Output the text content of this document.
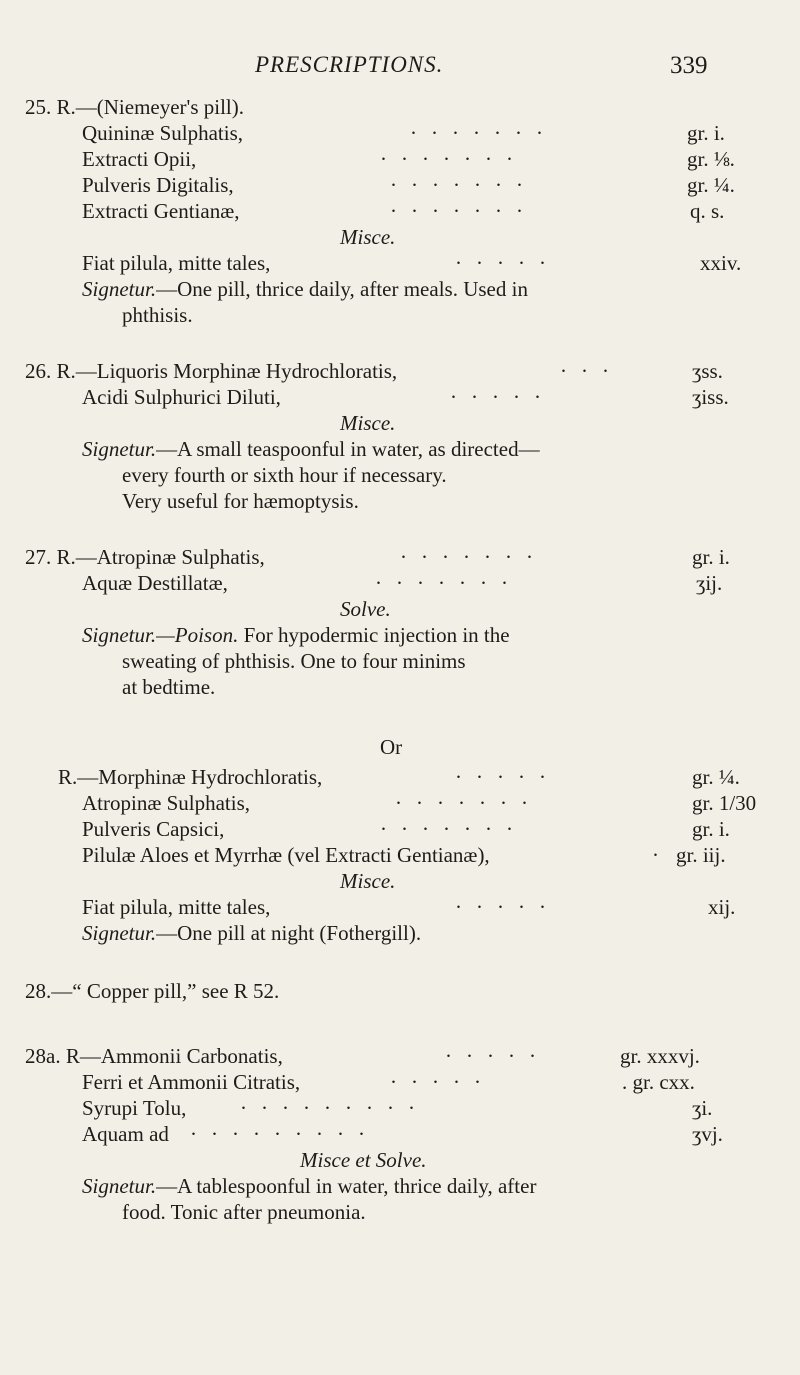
PRESCRIPTIONS.	339
25. R.—(Niemeyer's pill).
Quininæ Sulphatis,	·······	gr. i.
Extracti Opii,	·······	gr. ⅛.
Pulveris Digitalis,	·······	gr. ¼.
Extracti Gentianæ,	·······	q. s.
Misce.
Fiat pilula, mitte tales,	·····	xxiv.
Signetur.—One pill, thrice daily, after meals. Used in
phthisis.
26. R.—Liquoris Morphinæ Hydrochloratis,	···	ʒss.
Acidi Sulphurici Diluti,	·····	ʒiss.
Misce.
Signetur.—A small teaspoonful in water, as directed—
every fourth or sixth hour if necessary.
Very useful for hæmoptysis.
27. R.—Atropinæ Sulphatis,	·······	gr. i.
Aquæ Destillatæ,	·······	ʒij.
Solve.
Signetur.—Poison. For hypodermic injection in the
sweating of phthisis. One to four minims
at bedtime.
Or
R.—Morphinæ Hydrochloratis,	·····	gr. ¼.
Atropinæ Sulphatis,	·······	gr. 1/30
Pulveris Capsici,	·······	gr. i.
Pilulæ Aloes et Myrrhæ (vel Extracti Gentianæ),	· gr. iij.
Misce.
Fiat pilula, mitte tales,	·····	xij.
Signetur.—One pill at night (Fothergill).
28.—“ Copper pill,” see R 52.
28a. R—Ammonii Carbonatis,	·····	gr. xxxvj.
Ferri et Ammonii Citratis,	·····	. gr. cxx.
Syrupi Tolu,	·········	ʒi.
Aquam ad ·········	ʒvj.
Misce et Solve.
Signetur.—A tablespoonful in water, thrice daily, after
food. Tonic after pneumonia.
